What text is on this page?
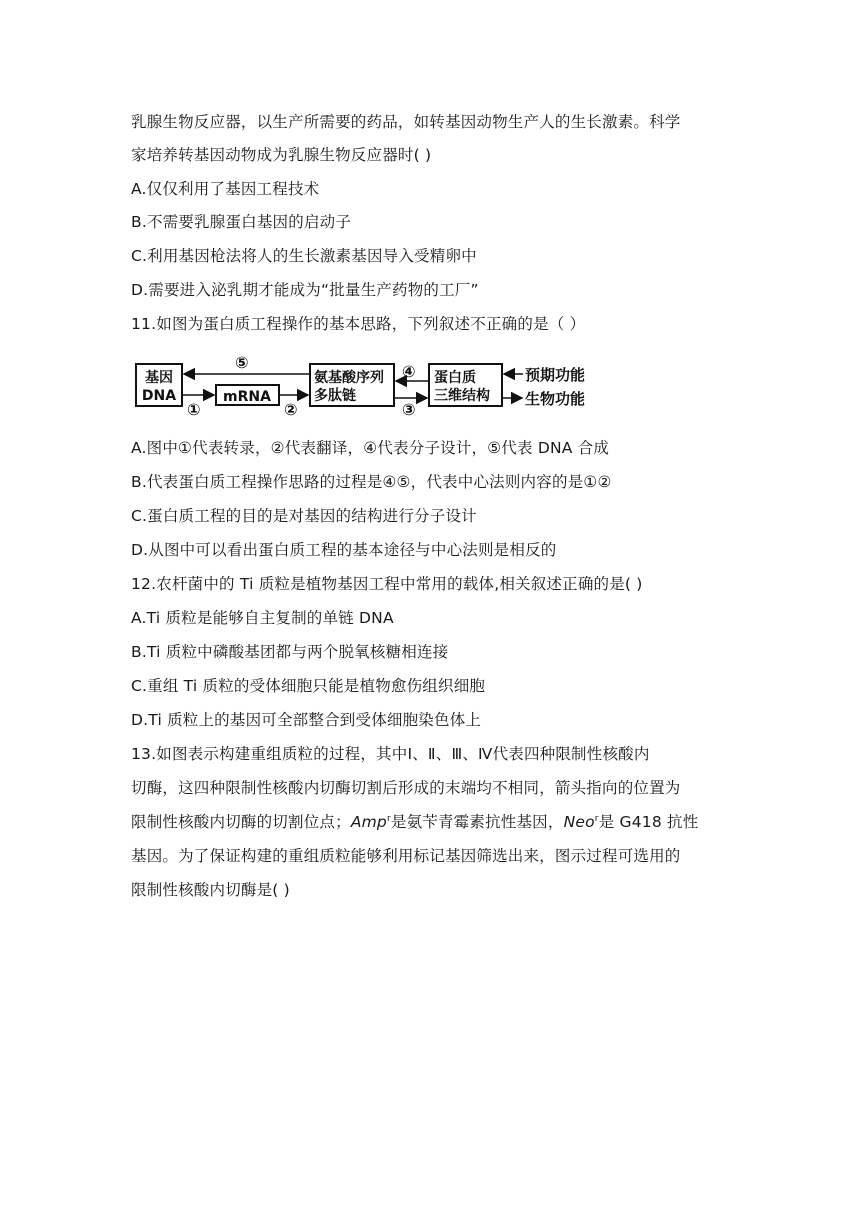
乳腺生物反应器，以生产所需要的药品，如转基因动物生产人的生长激素。科学
家培养转基因动物成为乳腺生物反应器时( )
A.仅仅利用了基因工程技术
B.不需要乳腺蛋白基因的启动子
C.利用基因枪法将人的生长激素基因导入受精卵中
D.需要进入泌乳期才能成为“批量生产药物的工厂”
11.如图为蛋白质工程操作的基本思路，下列叙述不正确的是（ ）
基因
DNA	mRNA
氨基酸序列
多肽链
蛋白质
三维结构
⑤
①	②
④
③
预期功能
生物功能
A.图中①代表转录，②代表翻译，④代表分子设计，⑤代表 DNA 合成
B.代表蛋白质工程操作思路的过程是④⑤，代表中心法则内容的是①②
C.蛋白质工程的目的是对基因的结构进行分子设计
D.从图中可以看出蛋白质工程的基本途径与中心法则是相反的
12.农杆菌中的 Ti 质粒是植物基因工程中常用的载体,相关叙述正确的是( )
A.Ti 质粒是能够自主复制的单链 DNA
B.Ti 质粒中磷酸基团都与两个脱氧核糖相连接
C.重组 Ti 质粒的受体细胞只能是植物愈伤组织细胞
D.Ti 质粒上的基因可全部整合到受体细胞染色体上
13.如图表示构建重组质粒的过程，其中Ⅰ、Ⅱ、Ⅲ、Ⅳ代表四种限制性核酸内
切酶，这四种限制性核酸内切酶切割后形成的末端均不相同，箭头指向的位置为
限制性核酸内切酶的切割位点；Amp$^r$是氨苄青霉素抗性基因，Neo$^r$是 G418 抗性
基因。为了保证构建的重组质粒能够利用标记基因筛选出来，图示过程可选用的
限制性核酸内切酶是( )
